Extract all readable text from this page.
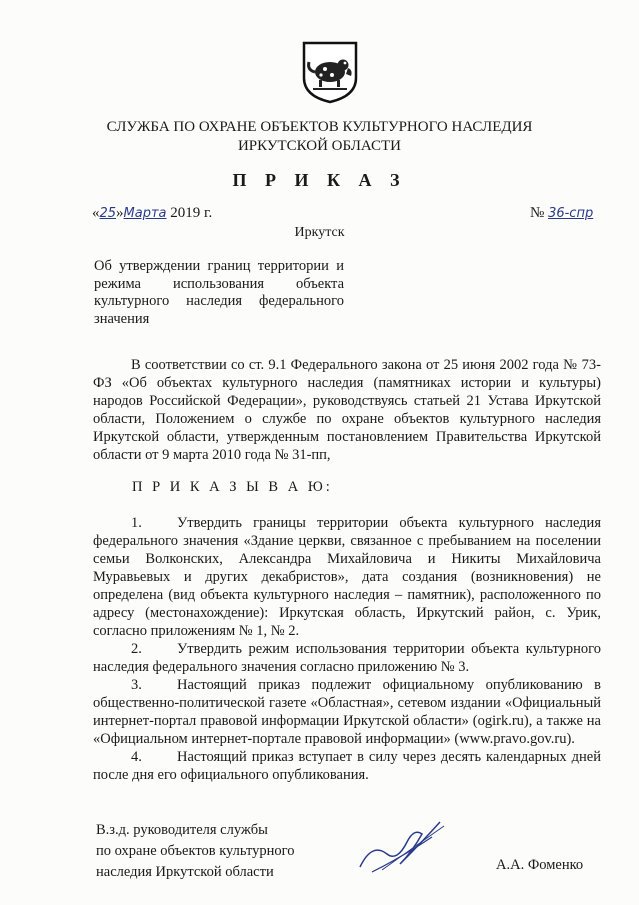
СЛУЖБА ПО ОХРАНЕ ОБЪЕКТОВ КУЛЬТУРНОГО НАСЛЕДИЯ
ИРКУТСКОЙ ОБЛАСТИ
П Р И К А З
«25»Марта 2019 г.	№ 36-спр
Иркутск
Об утверждении границ территории и режима использования объекта культурного наследия федерального значения
В соответствии со ст. 9.1 Федерального закона от 25 июня 2002 года № 73-ФЗ «Об объектах культурного наследия (памятниках истории и культуры) народов Российской Федерации», руководствуясь статьей 21 Устава Иркутской области, Положением о службе по охране объектов культурного наследия Иркутской области, утвержденным постановлением Правительства Иркутской области от 9 марта 2010 года № 31-пп,
П Р И К А З Ы В А Ю:

1. Утвердить границы территории объекта культурного наследия федерального значения «Здание церкви, связанное с пребыванием на поселении семьи Волконских, Александра Михайловича и Никиты Михайловича Муравьевых и других декабристов», дата создания (возникновения) не определена (вид объекта культурного наследия – памятник), расположенного по адресу (местонахождение): Иркутская область, Иркутский район, с. Урик, согласно приложениям № 1, № 2.

2. Утвердить режим использования территории объекта культурного наследия федерального значения согласно приложению № 3.

3. Настоящий приказ подлежит официальному опубликованию в общественно-политической газете «Областная», сетевом издании «Официальный интернет-портал правовой информации Иркутской области» (ogirk.ru), а также на «Официальном интернет-портале правовой информации» (www.pravo.gov.ru).

4. Настоящий приказ вступает в силу через десять календарных дней после дня его официального опубликования.

В.з.д. руководителя службы
по охране объектов культурного
наследия Иркутской области	А.А. Фоменко
